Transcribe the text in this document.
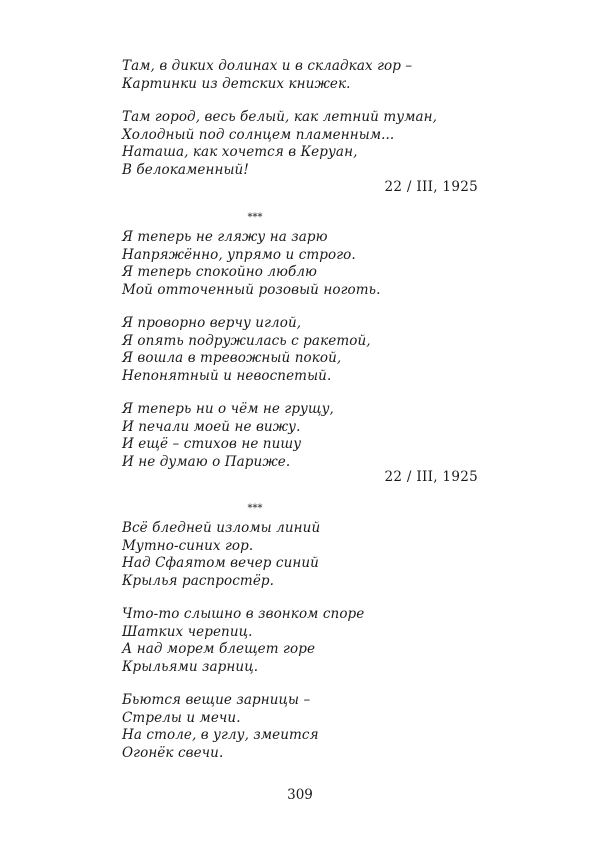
Там, в диких долинах и в складках гор –
Картинки из детских книжек.
Там город, весь белый, как летний туман,
Холодный под солнцем пламенным...
Наташа, как хочется в Керуан,
В белокаменный!
22 / III, 1925
***
Я теперь не гляжу на зарю
Напряжённо, упрямо и строго.
Я теперь спокойно люблю
Мой отточенный розовый ноготь.
Я проворно верчу иглой,
Я опять подружилась с ракетой,
Я вошла в тревожный покой,
Непонятный и невоспетый.
Я теперь ни о чём не грущу,
И печали моей не вижу.
И ещё – стихов не пишу
И не думаю о Париже.
22 / III, 1925
***
Всё бледней изломы линий
Мутно-синих гор.
Над Сфаятом вечер синий
Крылья распростёр.
Что-то слышно в звонком споре
Шатких черепиц.
А над морем блещет горе
Крыльями зарниц.
Бьются вещие зарницы –
Стрелы и мечи.
На столе, в углу, змеится
Огонёк свечи.
309
